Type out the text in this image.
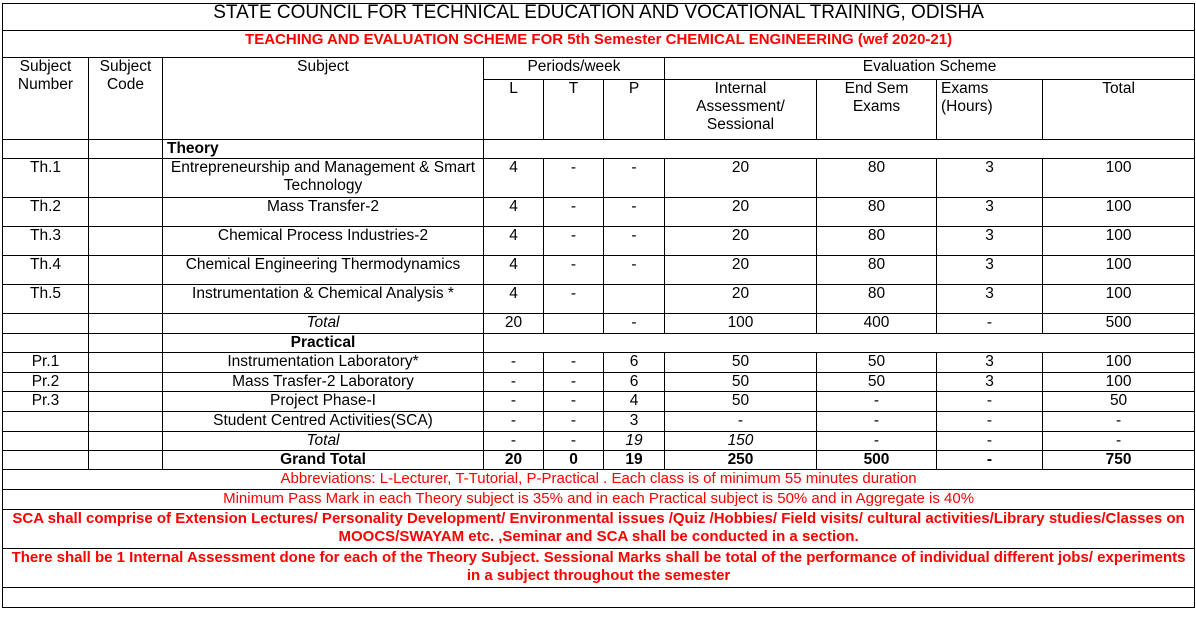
STATE COUNCIL FOR TECHNICAL EDUCATION AND VOCATIONAL TRAINING, ODISHA									
TEACHING AND EVALUATION SCHEME FOR 5th Semester CHEMICAL ENGINEERING (wef 2020-21)									
Subject Number	Subject Code	Subject	Periods/week			Evaluation Scheme			
			L	T	P	Internal Assessment/ Sessional	End Sem Exams	Exams (Hours)	Total
		Theory							
Th.1		Entrepreneurship and Management & Smart Technology	4	-	-	20	80	3	100
Th.2		Mass Transfer-2	4	-	-	20	80	3	100
Th.3		Chemical Process Industries-2	4	-	-	20	80	3	100
Th.4		Chemical Engineering Thermodynamics	4	-	-	20	80	3	100
Th.5		Instrumentation & Chemical Analysis *	4	-		20	80	3	100
		Total	20		-	100	400	-	500
		Practical							
Pr.1		Instrumentation Laboratory*	-	-	6	50	50	3	100
Pr.2		Mass Trasfer-2 Laboratory	-	-	6	50	50	3	100
Pr.3		Project Phase-I	-	-	4	50	-	-	50
		Student Centred Activities(SCA)	-	-	3	-	-	-	-
		Total	-	-	19	150	-	-	-
		Grand Total	20	0	19	250	500	-	750
Abbreviations: L-Lecturer, T-Tutorial, P-Practical . Each class is of minimum 55 minutes duration									
Minimum Pass Mark in each Theory subject is 35% and in each Practical subject is 50% and in Aggregate is 40%									
SCA shall comprise of Extension Lectures/ Personality Development/ Environmental issues /Quiz /Hobbies/ Field visits/ cultural activities/Library studies/Classes on MOOCS/SWAYAM etc. ,Seminar and SCA shall be conducted in a section.									
There shall be 1 Internal Assessment done for each of the Theory Subject. Sessional Marks shall be total of the performance of individual different jobs/ experiments in a subject throughout the semester									
